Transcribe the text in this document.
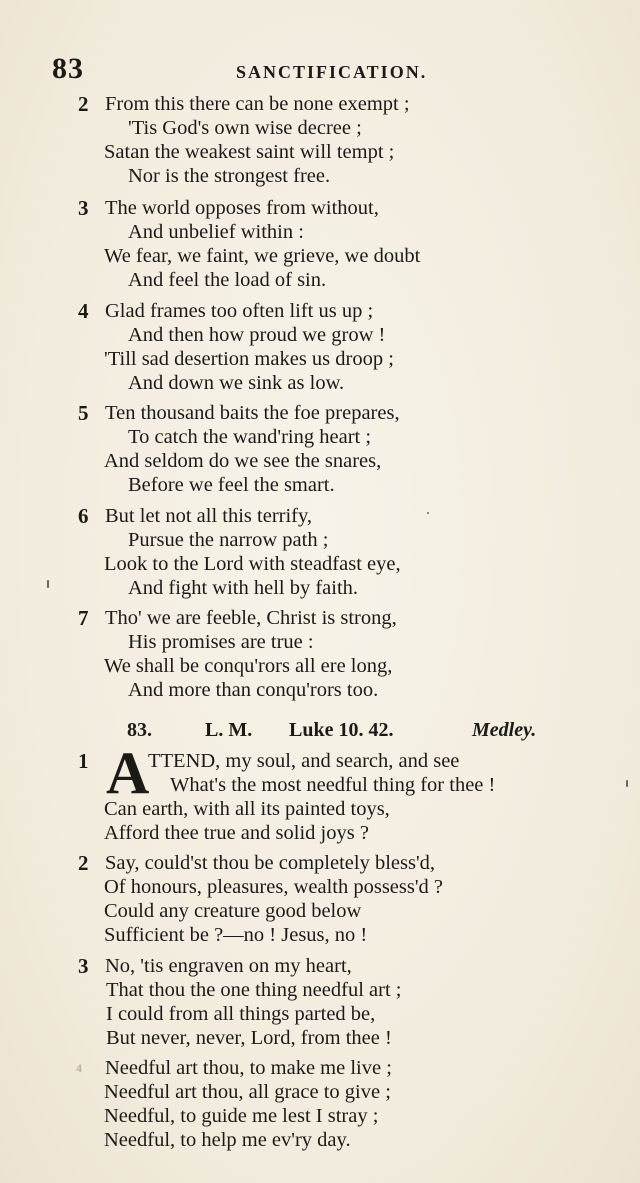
83	SANCTIFICATION.
2 From this there can be none exempt ;
'Tis God's own wise decree ;
Satan the weakest saint will tempt ;
Nor is the strongest free.
3 The world opposes from without,
And unbelief within :
We fear, we faint, we grieve, we doubt
And feel the load of sin.
4 Glad frames too often lift us up ;
And then how proud we grow !
'Till sad desertion makes us droop ;
And down we sink as low.
5 Ten thousand baits the foe prepares,
To catch the wand'ring heart ;
And seldom do we see the snares,
Before we feel the smart.
6 But let not all this terrify,
Pursue the narrow path ;
Look to the Lord with steadfast eye,
And fight with hell by faith.
7 Tho' we are feeble, Christ is strong,
His promises are true :
We shall be conqu'rors all ere long,
And more than conqu'rors too.
83.	L. M. Luke 10. 42.	Medley.
1	TTEND, my soul, and search, and see
What's the most needful thing for thee !
Can earth, with all its painted toys,
Afford thee true and solid joys ?
A
2 Say, could'st thou be completely bless'd,
Of honours, pleasures, wealth possess'd ?
Could any creature good below
Sufficient be ?—no ! Jesus, no !
3 No, 'tis engraven on my heart,
That thou the one thing needful art ;
I could from all things parted be,
But never, never, Lord, from thee !
4 Needful art thou, to make me live ;
Needful art thou, all grace to give ;
Needful, to guide me lest I stray ;
Needful, to help me ev'ry day.
